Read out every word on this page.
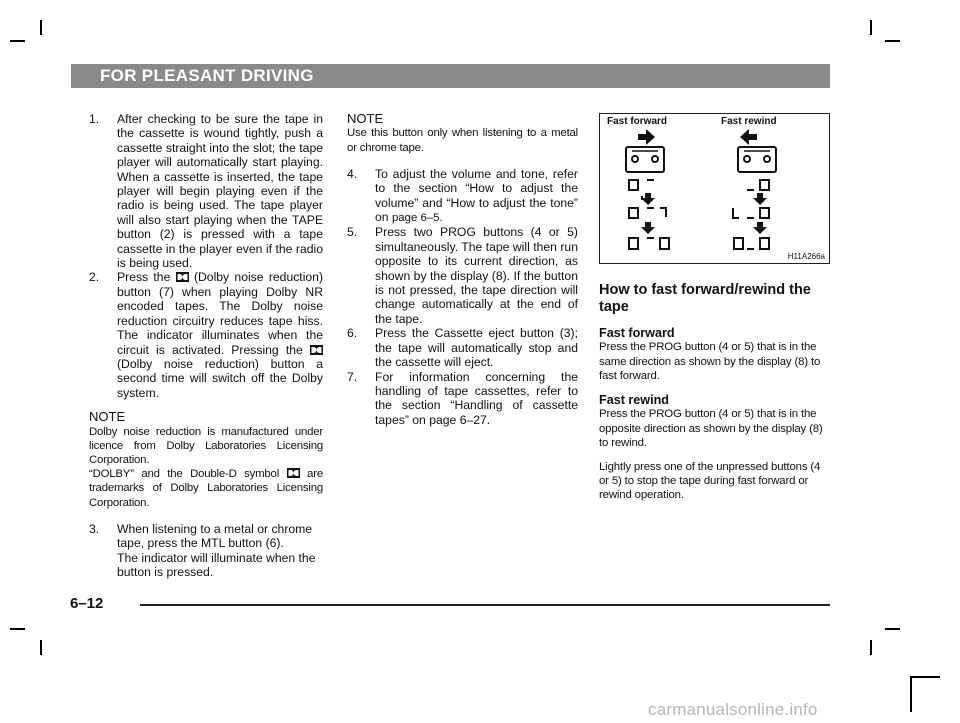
FOR PLEASANT DRIVING
1.	After checking to be sure the tape in the cassette is wound tightly, push a cassette straight into the slot; the tape player will automatically start playing. When a cassette is inserted, the tape player will begin playing even if the radio is being used. The tape player will also start playing when the TAPE button (2) is pressed with a tape cassette in the player even if the radio is being used.
2.	Press the (Dolby noise reduction) button (7) when playing Dolby NR encoded tapes. The Dolby noise reduction circuitry reduces tape hiss. The indicator illuminates when the circuit is activated. Pressing the  (Dolby noise reduction) button a second time will switch off the Dolby system.
NOTE
Dolby noise reduction is manufactured under licence from Dolby Laboratories Licensing Corporation.
“DOLBY” and the Double-D symbol are trademarks of Dolby Laboratories Licensing Corporation.
3.	When listening to a metal or chrome tape, press the MTL button (6).
The indicator will illuminate when the button is pressed.
NOTE
Use this button only when listening to a metal or chrome tape.
4.	To adjust the volume and tone, refer to the section “How to adjust the volume” and “How to adjust the tone” on page 6–5.
5.	Press two PROG buttons (4 or 5) simultaneously. The tape will then run opposite to its current direction, as shown by the display (8). If the button is not pressed, the tape direction will change automatically at the end of the tape.
6.	Press the Cassette eject button (3); the tape will automatically stop and the cassette will eject.
7.	For information concerning the handling of tape cassettes, refer to the section “Handling of cassette tapes” on page 6–27.
Fast forward	Fast rewind
H11A266a
How to fast forward/rewind the tape
Fast forward
Press the PROG button (4 or 5) that is in the same direction as shown by the display (8) to fast forward.
Fast rewind
Press the PROG button (4 or 5) that is in the opposite direction as shown by the display (8) to rewind.
Lightly press one of the unpressed buttons (4 or 5) to stop the tape during fast forward or rewind operation.
6–12
carmanualsonline.info
